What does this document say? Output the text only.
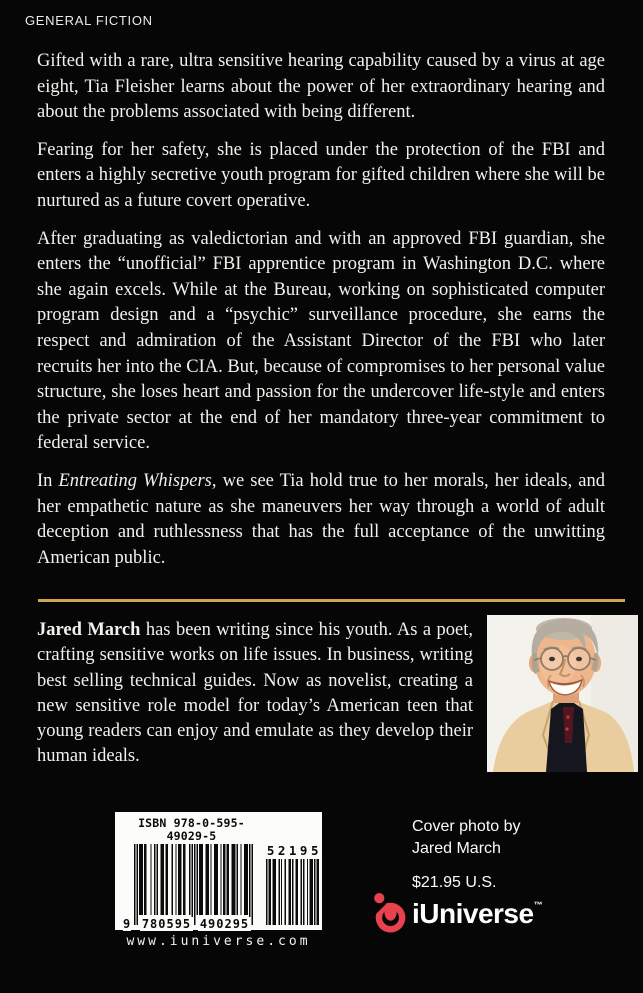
GENERAL FICTION

Gifted with a rare, ultra sensitive hearing capability caused by a virus at age eight, Tia Fleisher learns about the power of her extraordinary hearing and about the problems associated with being different.

Fearing for her safety, she is placed under the protection of the FBI and enters a highly secretive youth program for gifted children where she will be nurtured as a future covert operative.

After graduating as valedictorian and with an approved FBI guardian, she enters the “unofficial” FBI apprentice program in Washington D.C. where she again excels. While at the Bureau, working on sophisticated computer program design and a “psychic” surveillance procedure, she earns the respect and admiration of the Assistant Director of the FBI who later recruits her into the CIA. But, because of compromises to her personal value structure, she loses heart and passion for the undercover life-style and enters the private sector at the end of her mandatory three-year commitment to federal service.

In Entreating Whispers, we see Tia hold true to her morals, her ideals, and her empathetic nature as she maneuvers her way through a world of adult deception and ruthlessness that has the full acceptance of the unwitting American public.

Jared March has been writing since his youth. As a poet, crafting sensitive works on life issues. In business, writing best selling technical guides. Now as novelist, creating a new sensitive role model for today’s American teen that young readers can enjoy and emulate as they develop their human ideals.

ISBN 978-0-595-49029-5
9 780595 490295
52195
www.iuniverse.com
Cover photo by
Jared March
$21.95 U.S.
iUniverse ™
